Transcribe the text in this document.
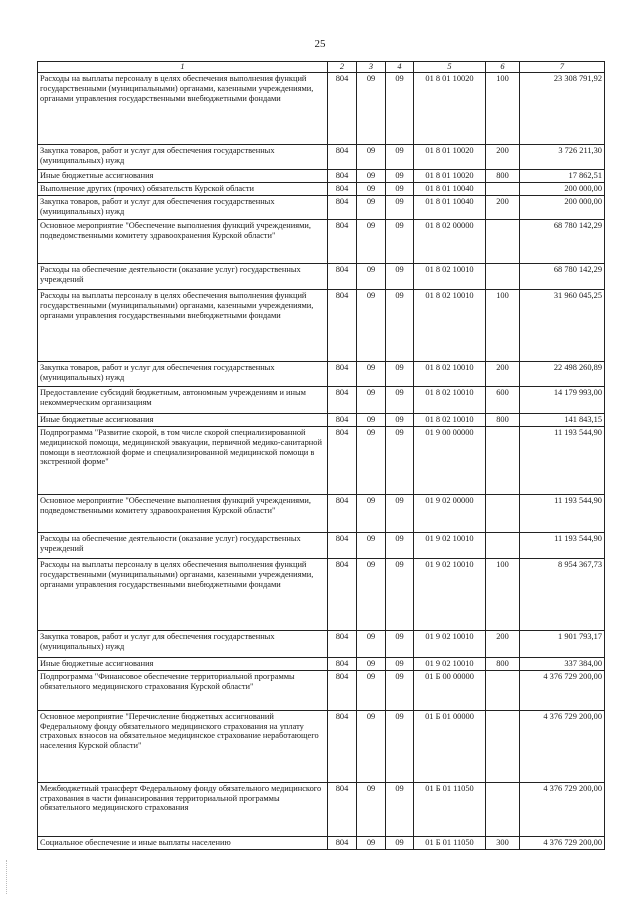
25
1	2	3	4	5	6	7
Расходы на выплаты персоналу в целях обеспечения выполнения функций государственными (муниципальными) органами, казенными учреждениями, органами управления государственными внебюджетными фондами	804	09	09	01 8 01 10020	100	23 308 791,92
Закупка товаров, работ и услуг для обеспечения государственных (муниципальных) нужд	804	09	09	01 8 01 10020	200	3 726 211,30
Иные бюджетные ассигнования	804	09	09	01 8 01 10020	800	17 862,51
Выполнение других (прочих) обязательств Курской области	804	09	09	01 8 01 10040		200 000,00
Закупка товаров, работ и услуг для обеспечения государственных (муниципальных) нужд	804	09	09	01 8 01 10040	200	200 000,00
Основное мероприятие "Обеспечение выполнения функций учреждениями, подведомственными комитету здравоохранения Курской области"	804	09	09	01 8 02 00000		68 780 142,29
Расходы на обеспечение деятельности (оказание услуг) государственных учреждений	804	09	09	01 8 02 10010		68 780 142,29
Расходы на выплаты персоналу в целях обеспечения выполнения функций государственными (муниципальными) органами, казенными учреждениями, органами управления государственными внебюджетными фондами	804	09	09	01 8 02 10010	100	31 960 045,25
Закупка товаров, работ и услуг для обеспечения государственных (муниципальных) нужд	804	09	09	01 8 02 10010	200	22 498 260,89
Предоставление субсидий бюджетным, автономным учреждениям и иным некоммерческим организациям	804	09	09	01 8 02 10010	600	14 179 993,00
Иные бюджетные ассигнования	804	09	09	01 8 02 10010	800	141 843,15
Подпрограмма "Развитие скорой, в том числе скорой специализированной медицинской помощи, медицинской эвакуации, первичной медико-санитарной помощи в неотложной форме и специализированной медицинской помощи в экстренной форме"	804	09	09	01 9 00 00000		11 193 544,90
Основное мероприятие "Обеспечение выполнения функций учреждениями, подведомственными комитету здравоохранения Курской области"	804	09	09	01 9 02 00000		11 193 544,90
Расходы на обеспечение деятельности (оказание услуг) государственных учреждений	804	09	09	01 9 02 10010		11 193 544,90
Расходы на выплаты персоналу в целях обеспечения выполнения функций государственными (муниципальными) органами, казенными учреждениями, органами управления государственными внебюджетными фондами	804	09	09	01 9 02 10010	100	8 954 367,73
Закупка товаров, работ и услуг для обеспечения государственных (муниципальных) нужд	804	09	09	01 9 02 10010	200	1 901 793,17
Иные бюджетные ассигнования	804	09	09	01 9 02 10010	800	337 384,00
Подпрограмма "Финансовое обеспечение территориальной программы обязательного медицинского страхования Курской области"	804	09	09	01 Б 00 00000		4 376 729 200,00
Основное мероприятие "Перечисление бюджетных ассигнований Федеральному фонду обязательного медицинского страхования на уплату страховых взносов на обязательное медицинское страхование неработающего населения Курской области"	804	09	09	01 Б 01 00000		4 376 729 200,00
Межбюджетный трансферт Федеральному фонду обязательного медицинского страхования в части финансирования территориальной программы обязательного медицинского страхования	804	09	09	01 Б 01 11050		4 376 729 200,00
Социальное обеспечение и иные выплаты населению	804	09	09	01 Б 01 11050	300	4 376 729 200,00
